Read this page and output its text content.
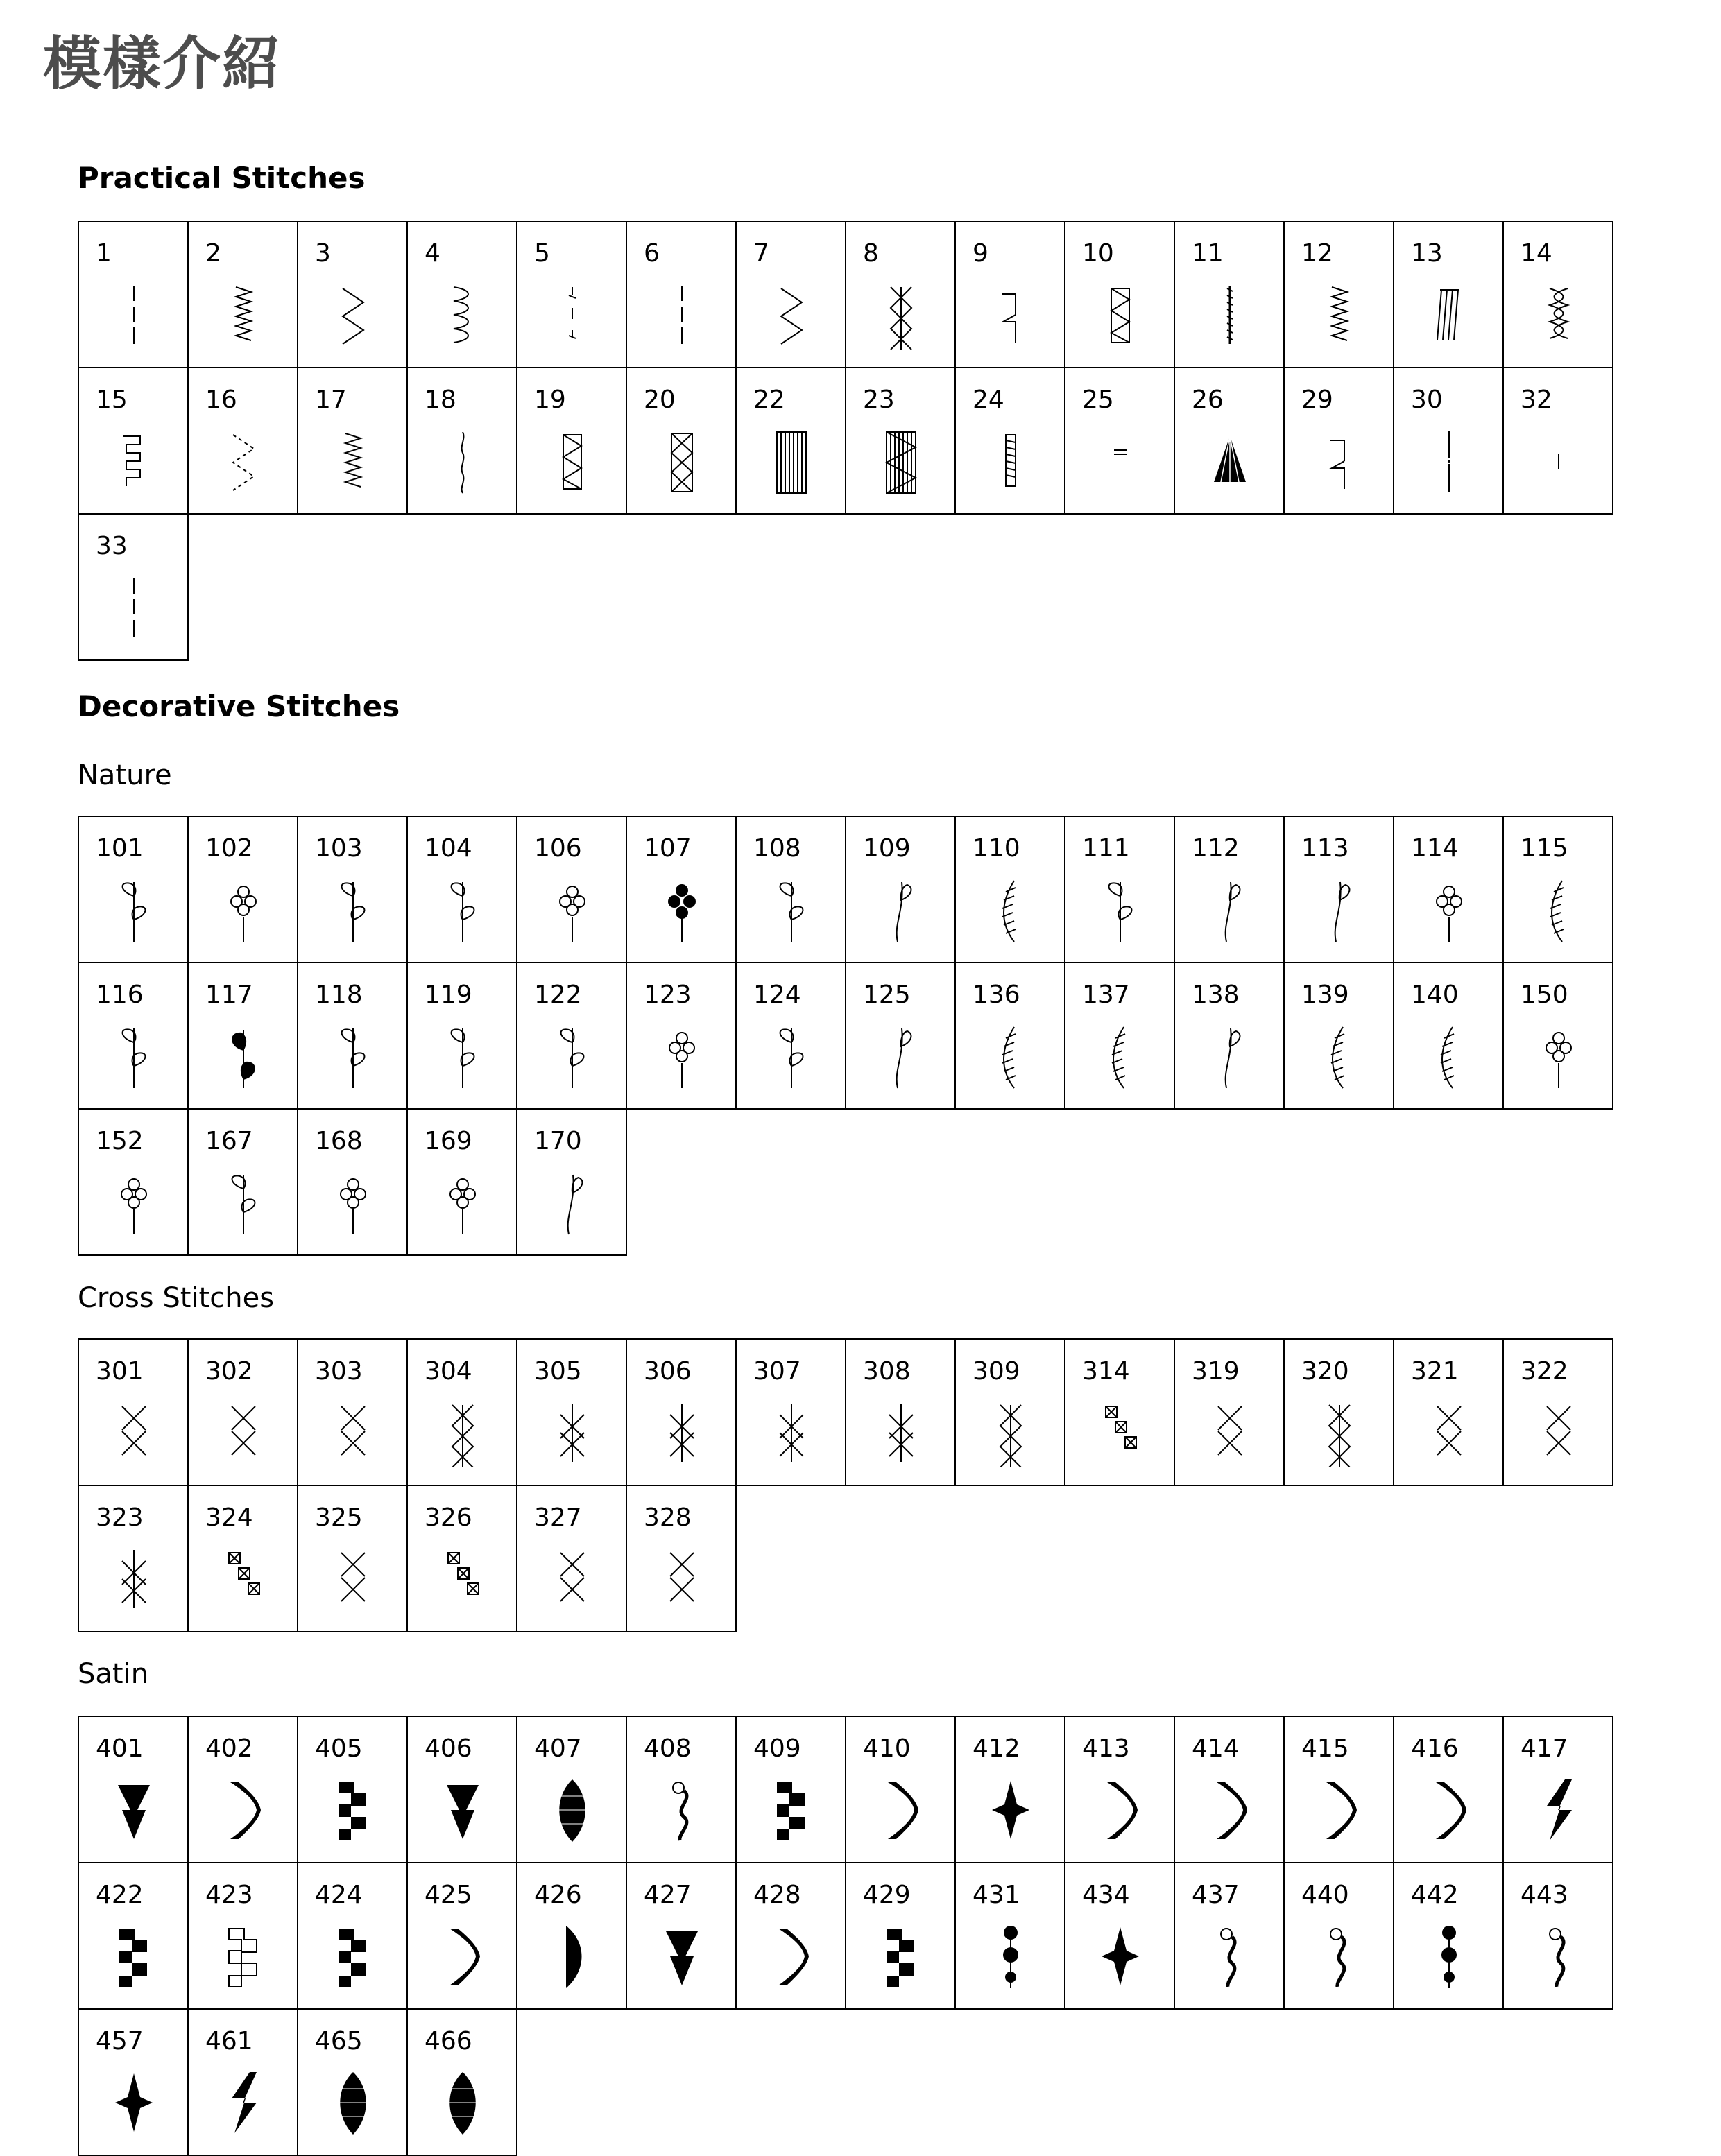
模樣介紹
Practical Stitches
1	2	3	4	5	6	7	8	9	10	11	12	13	14
15	16	17	18	19	20	22	23	24	25	26	29	30	32
33
Decorative Stitches
Nature
101 102 103 104 106 107 108 109 110 111 112 113 114 115
116 117 118 119 122 123 124 125 136 137 138 139 140 150
152 167 168 169 170
Cross Stitches
301 302 303 304 305 306 307 308 309 314 319 320 321 322
323 324 325 326 327 328
Satin
401 402 405 406 407 408 409 410 412 413 414 415 416 417
422 423 424 425 426 427 428 429 431 434 437 440 442 443
457 461 465 466
